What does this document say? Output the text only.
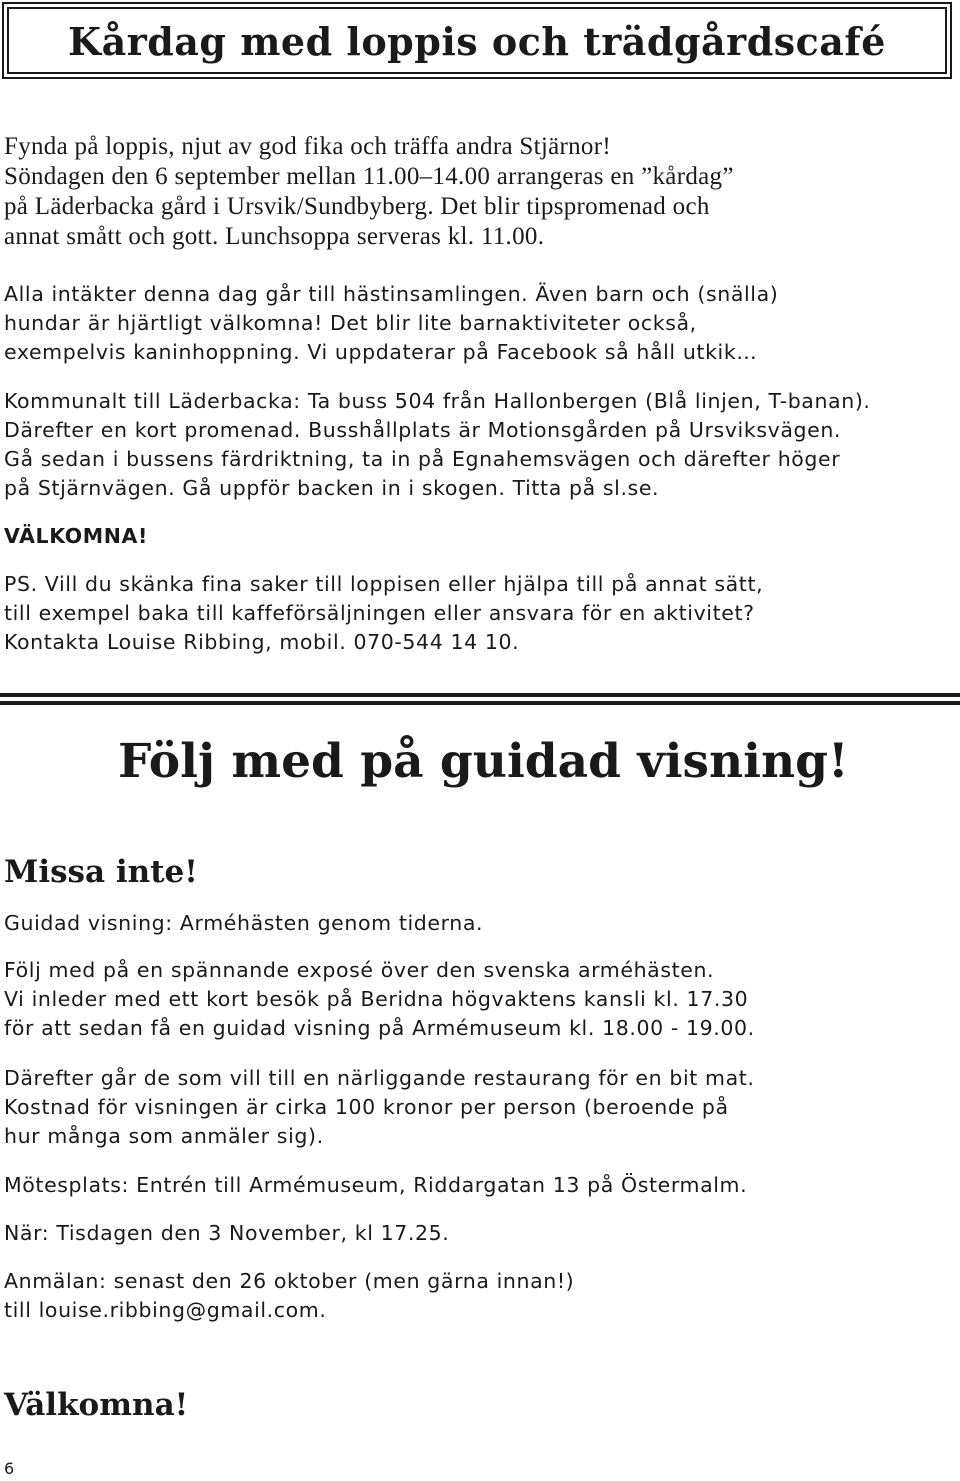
Kårdag med loppis och trädgårdscafé
Fynda på loppis, njut av god fika och träffa andra Stjärnor!
Söndagen den 6 september mellan 11.00–14.00 arrangeras en ”kårdag”
på Läderbacka gård i Ursvik/Sundbyberg. Det blir tipspromenad och
annat smått och gott. Lunchsoppa serveras kl. 11.00.
Alla intäkter denna dag går till hästinsamlingen. Även barn och (snälla)
hundar är hjärtligt välkomna! Det blir lite barnaktiviteter också,
exempelvis kaninhoppning. Vi uppdaterar på Facebook så håll utkik…
Kommunalt till Läderbacka: Ta buss 504 från Hallonbergen (Blå linjen, T-banan).
Därefter en kort promenad. Busshållplats är Motionsgården på Ursviksvägen.
Gå sedan i bussens färdriktning, ta in på Egnahemsvägen och därefter höger
på Stjärnvägen. Gå uppför backen in i skogen. Titta på sl.se.
VÄLKOMNA!
PS. Vill du skänka fina saker till loppisen eller hjälpa till på annat sätt,
till exempel baka till kaffeförsäljningen eller ansvara för en aktivitet?
Kontakta Louise Ribbing, mobil. 070-544 14 10.
Följ med på guidad visning!
Missa inte!
Guidad visning: Arméhästen genom tiderna.
Följ med på en spännande exposé över den svenska arméhästen.
Vi inleder med ett kort besök på Beridna högvaktens kansli kl. 17.30
för att sedan få en guidad visning på Armémuseum kl. 18.00 - 19.00.
Därefter går de som vill till en närliggande restaurang för en bit mat.
Kostnad för visningen är cirka 100 kronor per person (beroende på
hur många som anmäler sig).
Mötesplats: Entrén till Armémuseum, Riddargatan 13 på Östermalm.
När: Tisdagen den 3 November, kl 17.25.
Anmälan: senast den 26 oktober (men gärna innan!)
till louise.ribbing@gmail.com.
Välkomna!
6
